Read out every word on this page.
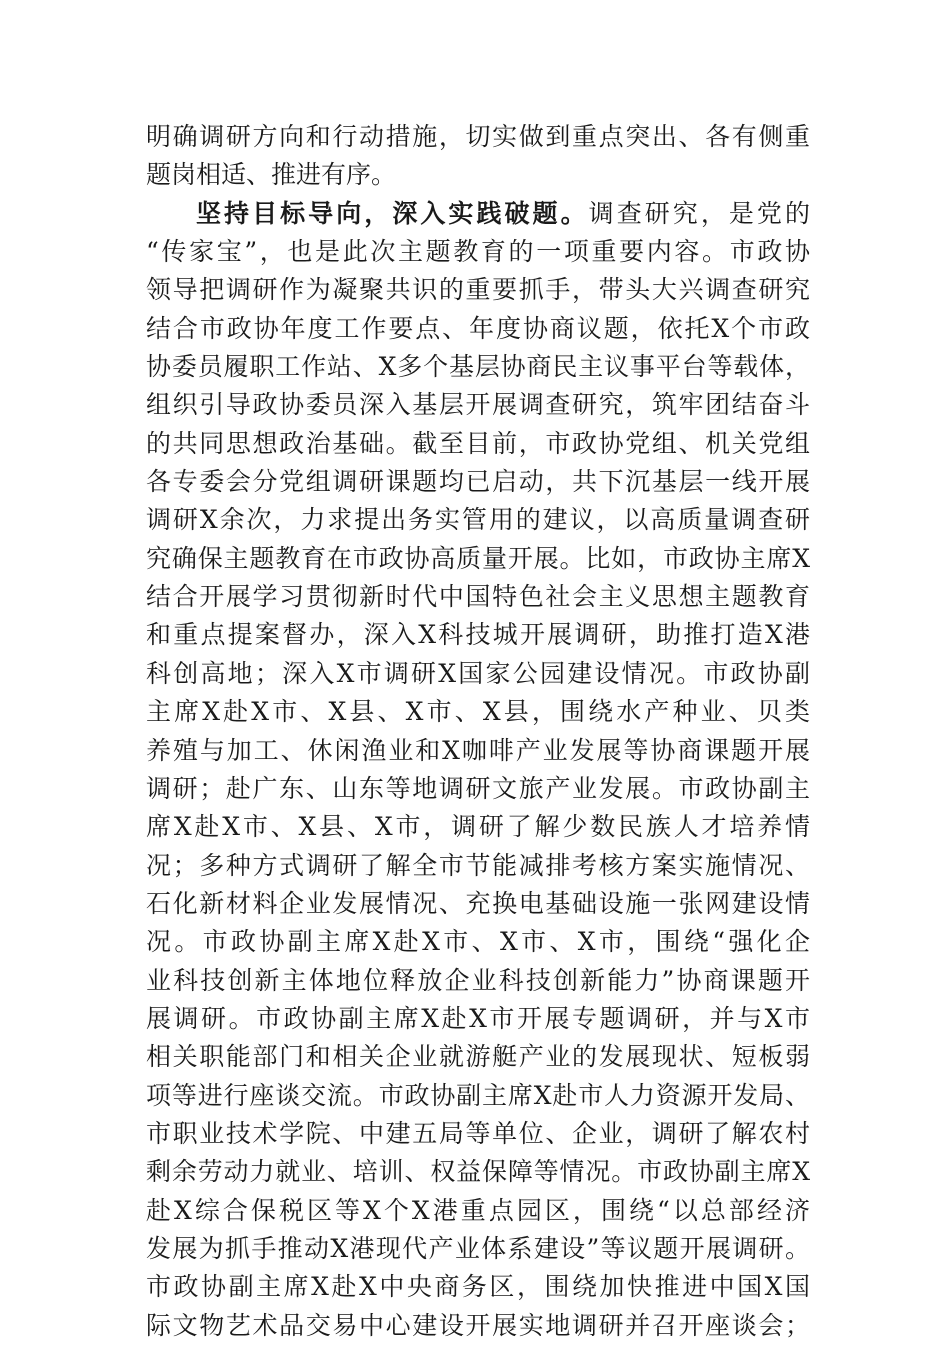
明确调研方向和行动措施，切实做到重点突出、各有侧重
题岗相适、推进有序。
坚持目标导向，深入实践破题。调查研究，是党的
“传家宝”，也是此次主题教育的一项重要内容。市政协
领导把调研作为凝聚共识的重要抓手，带头大兴调查研究
结合市政协年度工作要点、年度协商议题，依托X个市政
协委员履职工作站、X多个基层协商民主议事平台等载体，
组织引导政协委员深入基层开展调查研究，筑牢团结奋斗
的共同思想政治基础。截至目前，市政协党组、机关党组
各专委会分党组调研课题均已启动，共下沉基层一线开展
调研X余次，力求提出务实管用的建议，以高质量调查研
究确保主题教育在市政协高质量开展。比如，市政协主席X
结合开展学习贯彻新时代中国特色社会主义思想主题教育
和重点提案督办，深入X科技城开展调研，助推打造X港
科创高地；深入X市调研X国家公园建设情况。市政协副
主席X赴X市、X县、X市、X县，围绕水产种业、贝类
养殖与加工、休闲渔业和X咖啡产业发展等协商课题开展
调研；赴广东、山东等地调研文旅产业发展。市政协副主
席X赴X市、X县、X市，调研了解少数民族人才培养情
况；多种方式调研了解全市节能减排考核方案实施情况、
石化新材料企业发展情况、充换电基础设施一张网建设情
况。市政协副主席X赴X市、X市、X市，围绕“强化企
业科技创新主体地位释放企业科技创新能力”协商课题开
展调研。市政协副主席X赴X市开展专题调研，并与X市
相关职能部门和相关企业就游艇产业的发展现状、短板弱
项等进行座谈交流。市政协副主席X赴市人力资源开发局、
市职业技术学院、中建五局等单位、企业，调研了解农村
剩余劳动力就业、培训、权益保障等情况。市政协副主席X
赴X综合保税区等X个X港重点园区，围绕“以总部经济
发展为抓手推动X港现代产业体系建设”等议题开展调研。
市政协副主席X赴X中央商务区，围绕加快推进中国X国
际文物艺术品交易中心建设开展实地调研并召开座谈会；
